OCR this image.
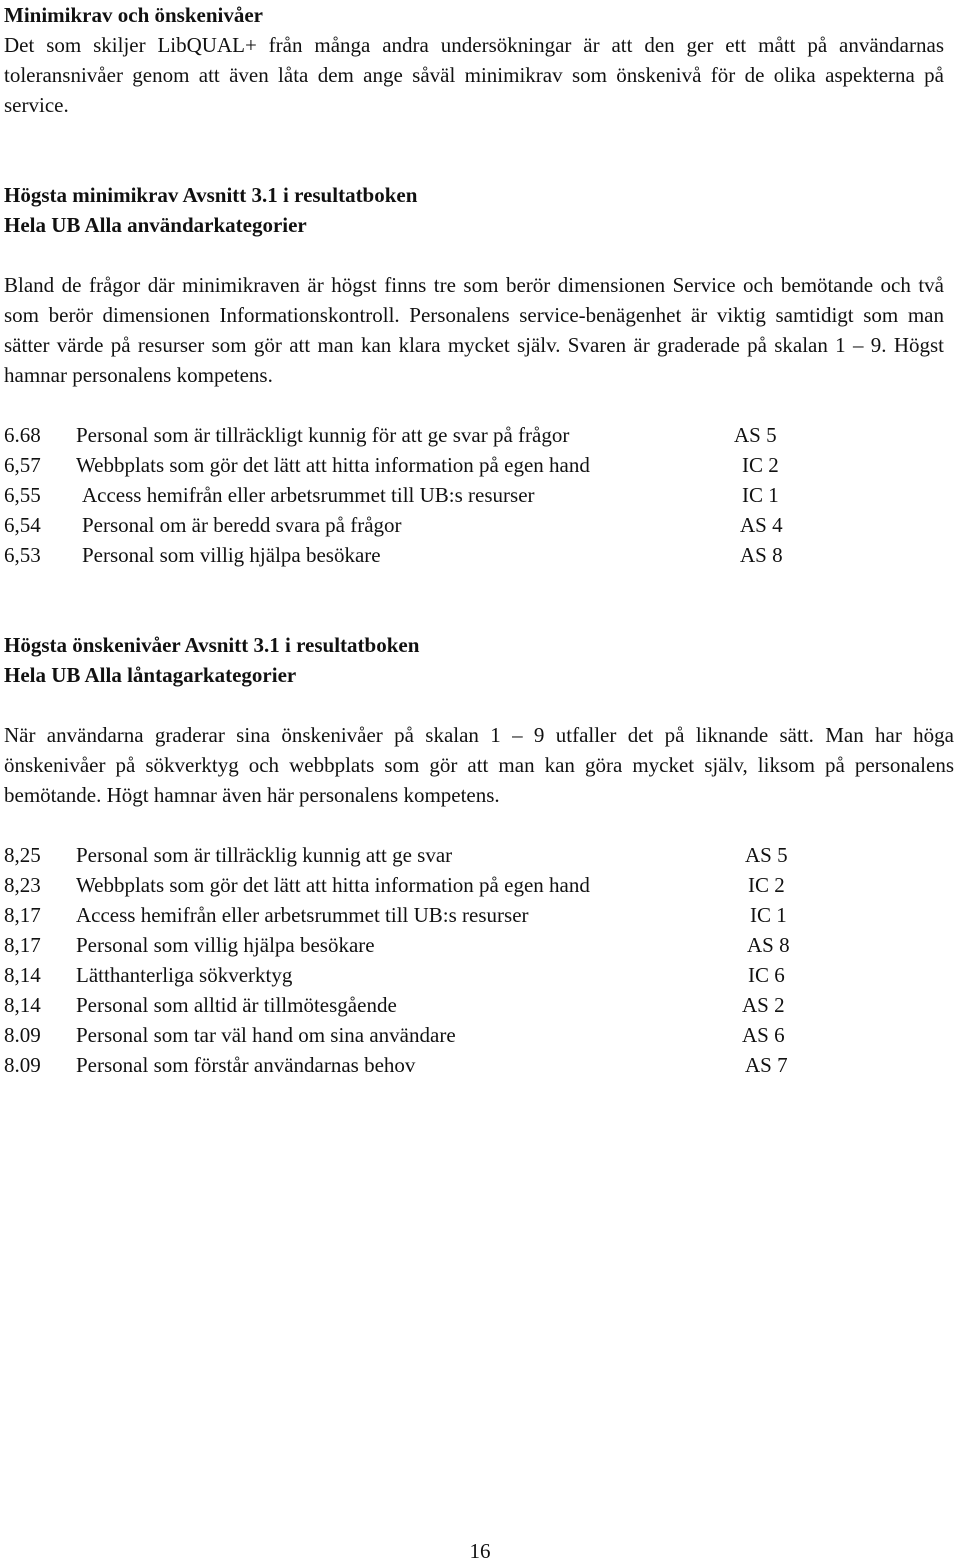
Minimikrav och önskenivåer

Det som skiljer LibQUAL+ från många andra undersökningar är att den ger ett mått på användarnas toleransnivåer genom att även låta dem ange såväl minimikrav som önskenivå för de olika aspekterna på service.

Högsta minimikrav Avsnitt 3.1 i resultatboken

Hela UB Alla användarkategorier

Bland de frågor där minimikraven är högst finns tre som berör dimensionen Service och bemötande och två som berör dimensionen Informationskontroll. Personalens service-benägenhet är viktig samtidigt som man sätter värde på resurser som gör att man kan klara mycket själv. Svaren är graderade på skalan 1 – 9. Högst hamnar personalens kompetens.

6.68 Personal som är tillräckligt kunnig för att ge svar på frågor	AS 5
6,57 Webbplats som gör det lätt att hitta information på egen hand	IC 2
6,55 Access hemifrån eller arbetsrummet till UB:s resurser	IC 1
6,54 Personal om är beredd svara på frågor	AS 4
6,53 Personal som villig hjälpa besökare	AS 8

Högsta önskenivåer Avsnitt 3.1 i resultatboken

Hela UB Alla låntagarkategorier

När användarna graderar sina önskenivåer på skalan 1 – 9 utfaller det på liknande sätt. Man har höga önskenivåer på sökverktyg och webbplats som gör att man kan göra mycket själv, liksom på personalens bemötande. Högt hamnar även här personalens kompetens.

8,25 Personal som är tillräcklig kunnig att ge svar	AS 5
8,23 Webbplats som gör det lätt att hitta information på egen hand	IC 2
8,17 Access hemifrån eller arbetsrummet till UB:s resurser	IC 1
8,17 Personal som villig hjälpa besökare	AS 8
8,14 Lätthanterliga sökverktyg	IC 6
8,14 Personal som alltid är tillmötesgående	AS 2
8.09 Personal som tar väl hand om sina användare	AS 6
8.09 Personal som förstår användarnas behov	AS 7
16
